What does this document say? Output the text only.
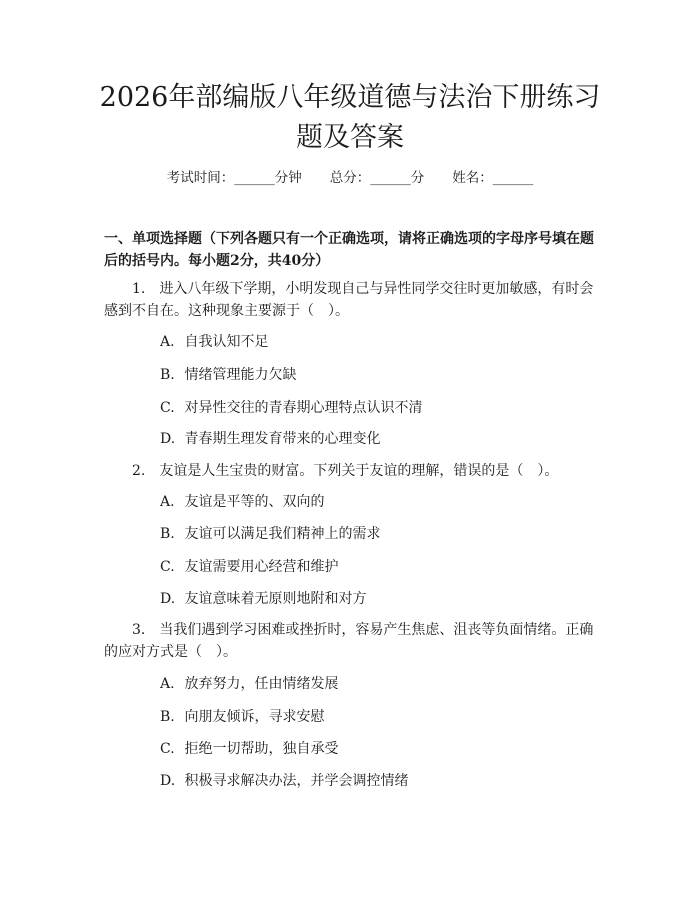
2026年部编版八年级道德与法治下册练习题及答案
考试时间：______分钟 总分：______分 姓名：______

一、单项选择题（下列各题只有一个正确选项，请将正确选项的字母序号填在题后的括号内。每小题2分，共40分）

1.　进入八年级下学期，小明发现自己与异性同学交往时更加敏感，有时会感到不自在。这种现象主要源于（　）。

A. 自我认知不足

B. 情绪管理能力欠缺

C. 对异性交往的青春期心理特点认识不清

D. 青春期生理发育带来的心理变化

2.　友谊是人生宝贵的财富。下列关于友谊的理解，错误的是（　）。

A. 友谊是平等的、双向的

B. 友谊可以满足我们精神上的需求

C. 友谊需要用心经营和维护

D. 友谊意味着无原则地附和对方

3.　当我们遇到学习困难或挫折时，容易产生焦虑、沮丧等负面情绪。正确的应对方式是（　）。

A. 放弃努力，任由情绪发展

B. 向朋友倾诉，寻求安慰

C. 拒绝一切帮助，独自承受

D. 积极寻求解决办法，并学会调控情绪
